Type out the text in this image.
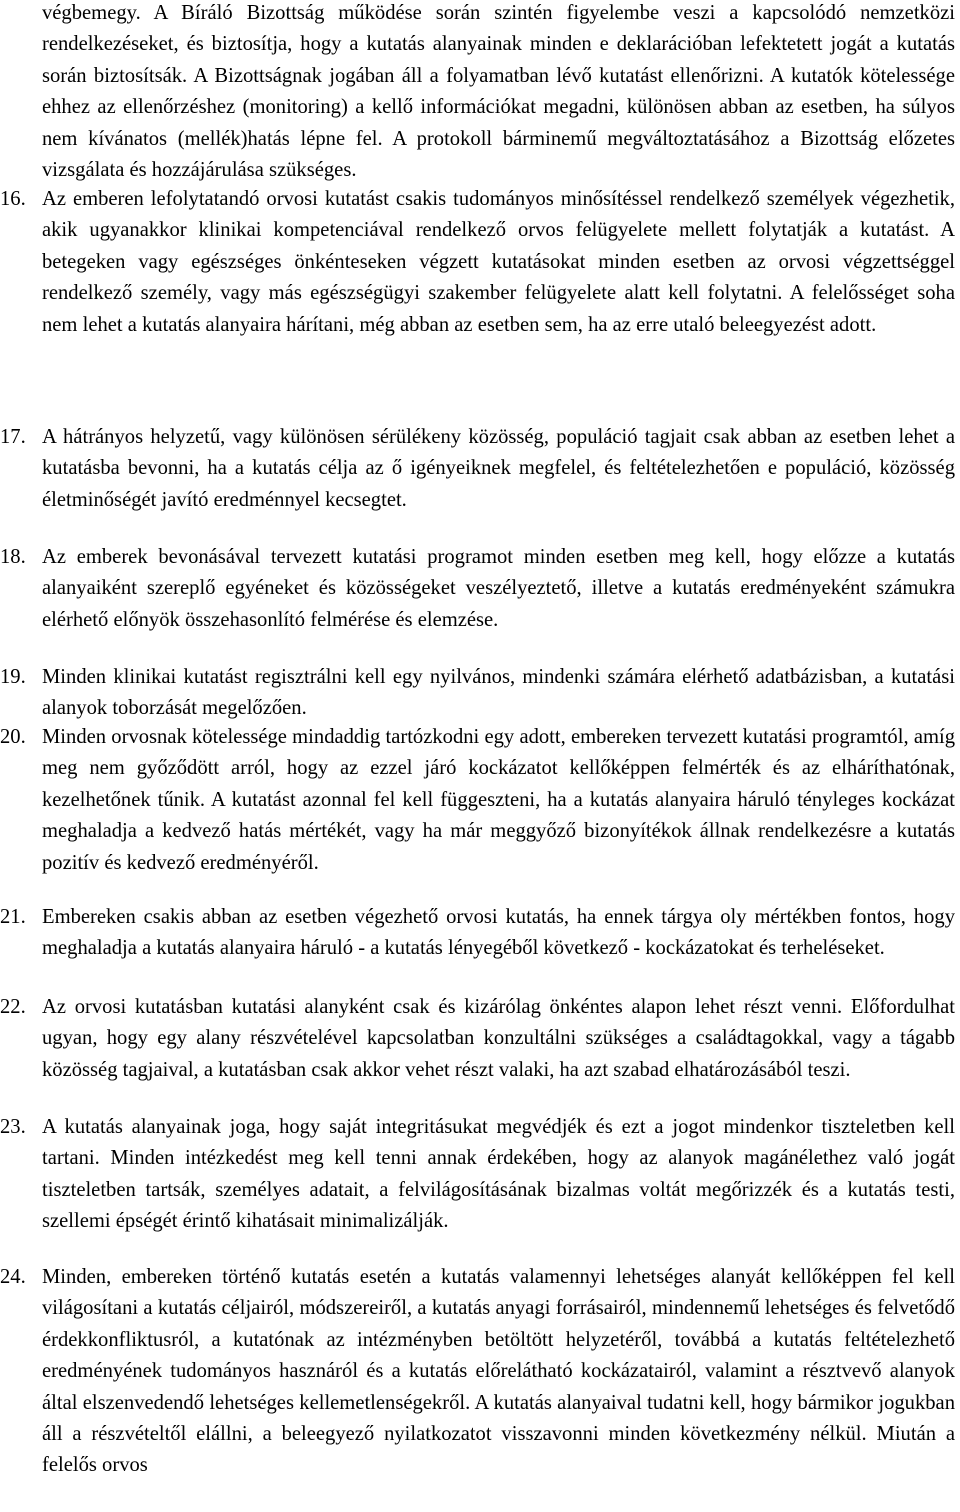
végbemegy. A Bíráló Bizottság működése során szintén figyelembe veszi a kapcsolódó nemzetközi rendelkezéseket, és biztosítja, hogy a kutatás alanyainak minden e deklarációban lefektetett jogát a kutatás során biztosítsák. A Bizottságnak jogában áll a folyamatban lévő kutatást ellenőrizni. A kutatók kötelessége ehhez az ellenőrzéshez (monitoring) a kellő információkat megadni, különösen abban az esetben, ha súlyos nem kívánatos (mellék)hatás lépne fel. A protokoll bárminemű megváltoztatásához a Bizottság előzetes vizsgálata és hozzájárulása szükséges.

16. Az emberen lefolytatandó orvosi kutatást csakis tudományos minősítéssel rendelkező személyek végezhetik, akik ugyanakkor klinikai kompetenciával rendelkező orvos felügyelete mellett folytatják a kutatást. A betegeken vagy egészséges önkénteseken végzett kutatásokat minden esetben az orvosi végzettséggel rendelkező személy, vagy más egészségügyi szakember felügyelete alatt kell folytatni. A felelősséget soha nem lehet a kutatás alanyaira hárítani, még abban az esetben sem, ha az erre utaló beleegyezést adott.

17. A hátrányos helyzetű, vagy különösen sérülékeny közösség, populáció tagjait csak abban az esetben lehet a kutatásba bevonni, ha a kutatás célja az ő igényeiknek megfelel, és feltételezhetően e populáció, közösség életminőségét javító eredménnyel kecsegtet.

18. Az emberek bevonásával tervezett kutatási programot minden esetben meg kell, hogy előzze a kutatás alanyaiként szereplő egyéneket és közösségeket veszélyeztető, illetve a kutatás eredményeként számukra elérhető előnyök összehasonlító felmérése és elemzése.

19. Minden klinikai kutatást regisztrálni kell egy nyilvános, mindenki számára elérhető adatbázisban, a kutatási alanyok toborzását megelőzően.

20. Minden orvosnak kötelessége mindaddig tartózkodni egy adott, embereken tervezett kutatási programtól, amíg meg nem győződött arról, hogy az ezzel járó kockázatot kellőképpen felmérték és az elháríthatónak, kezelhetőnek tűnik. A kutatást azonnal fel kell függeszteni, ha a kutatás alanyaira háruló tényleges kockázat meghaladja a kedvező hatás mértékét, vagy ha már meggyőző bizonyítékok állnak rendelkezésre a kutatás pozitív és kedvező eredményéről.

21. Embereken csakis abban az esetben végezhető orvosi kutatás, ha ennek tárgya oly mértékben fontos, hogy meghaladja a kutatás alanyaira háruló - a kutatás lényegéből következő - kockázatokat és terheléseket.

22. Az orvosi kutatásban kutatási alanyként csak és kizárólag önkéntes alapon lehet részt venni. Előfordulhat ugyan, hogy egy alany részvételével kapcsolatban konzultálni szükséges a családtagokkal, vagy a tágabb közösség tagjaival, a kutatásban csak akkor vehet részt valaki, ha azt szabad elhatározásából teszi.

23. A kutatás alanyainak joga, hogy saját integritásukat megvédjék és ezt a jogot mindenkor tiszteletben kell tartani. Minden intézkedést meg kell tenni annak érdekében, hogy az alanyok magánélethez való jogát tiszteletben tartsák, személyes adatait, a felvilágosításának bizalmas voltát megőrizzék és a kutatás testi, szellemi épségét érintő kihatásait minimalizálják.

24. Minden, embereken történő kutatás esetén a kutatás valamennyi lehetséges alanyát kellőképpen fel kell világosítani a kutatás céljairól, módszereiről, a kutatás anyagi forrásairól, mindennemű lehetséges és felvetődő érdekkonfliktusról, a kutatónak az intézményben betöltött helyzetéről, továbbá a kutatás feltételezhető eredményének tudományos hasznáról és a kutatás előrelátható kockázatairól, valamint a résztvevő alanyok által elszenvedendő lehetséges kellemetlenségekről. A kutatás alanyaival tudatni kell, hogy bármikor jogukban áll a részvételtől elállni, a beleegyező nyilatkozatot visszavonni minden következmény nélkül. Miután a felelős orvos
